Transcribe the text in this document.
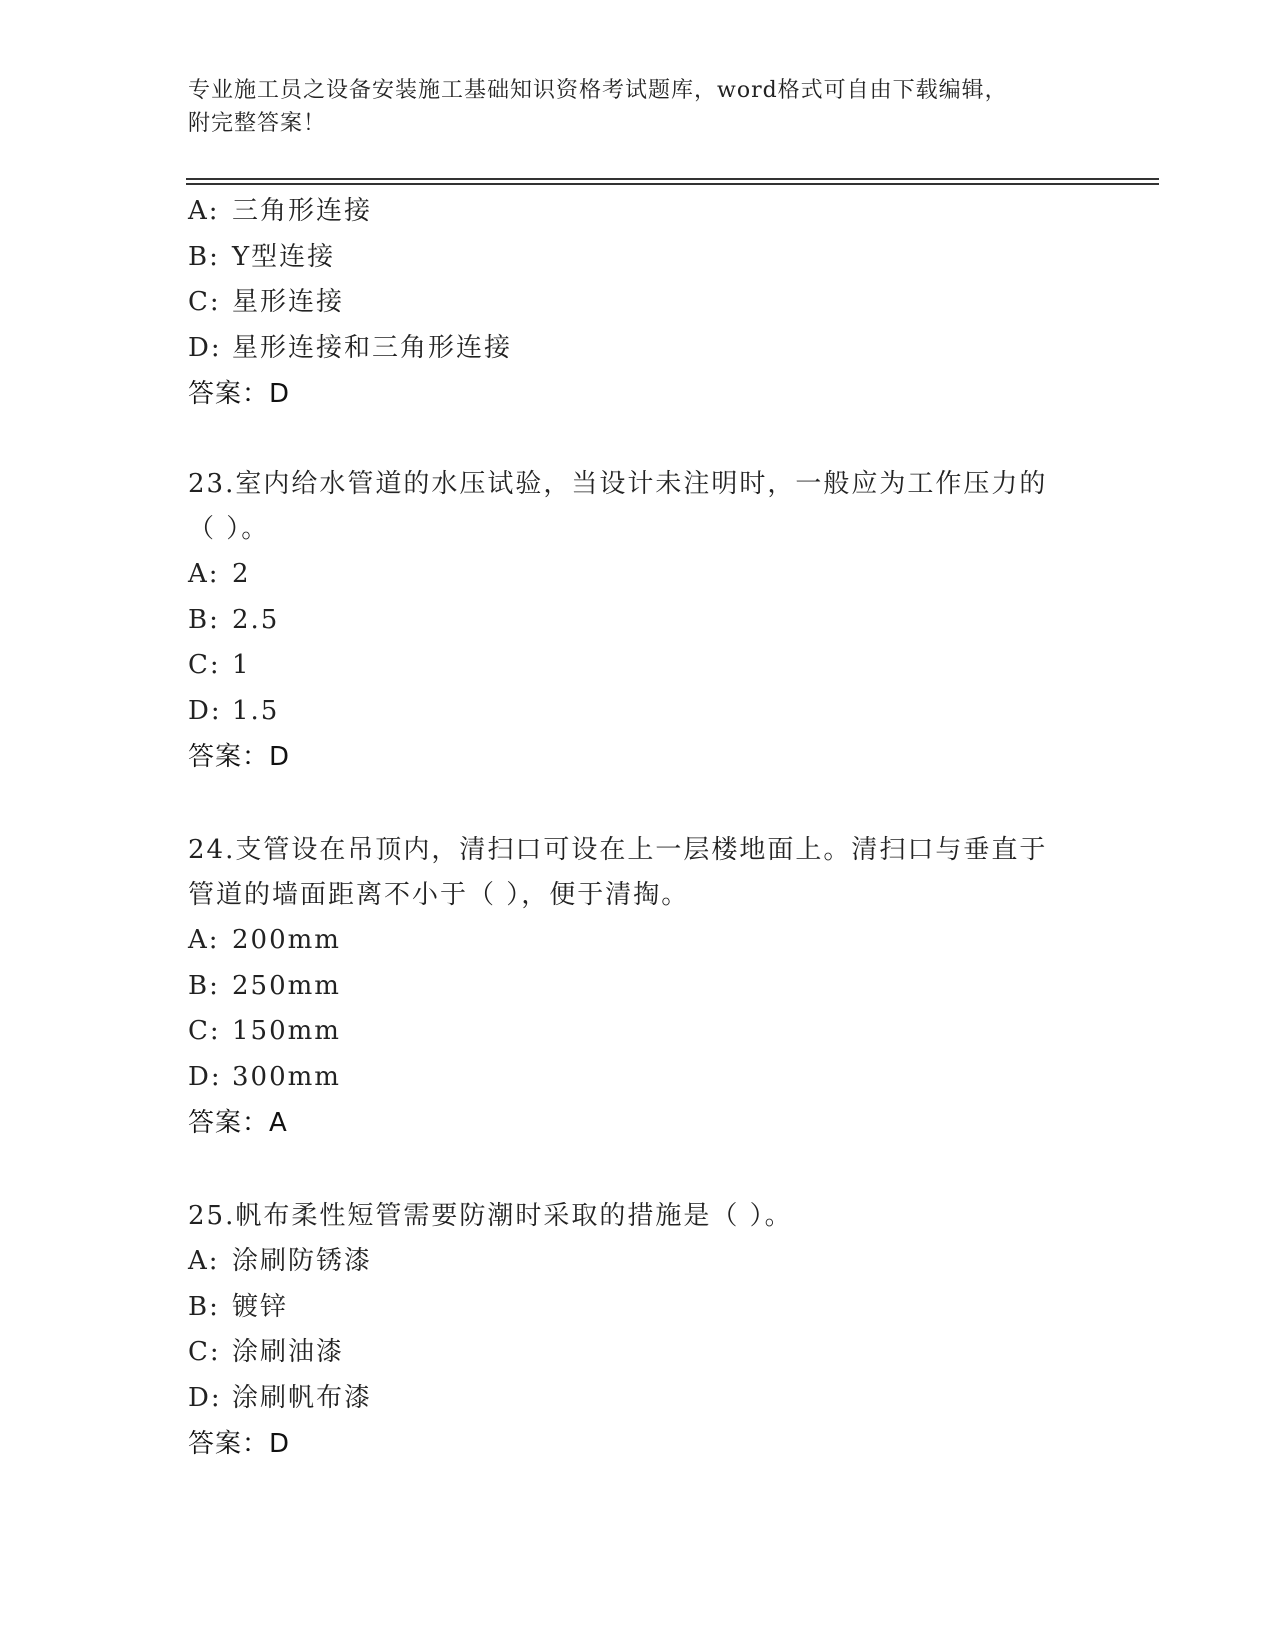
专业施工员之设备安装施工基础知识资格考试题库，word格式可自由下载编辑，
附完整答案！
A: 三角形连接
B: Y型连接
C: 星形连接
D: 星形连接和三角形连接
答案：D
23.室内给水管道的水压试验，当设计未注明时，一般应为工作压力的
（ ）。
A: 2
B: 2.5
C: 1
D: 1.5
答案：D
24.支管设在吊顶内，清扫口可设在上一层楼地面上。清扫口与垂直于
管道的墙面距离不小于（ ），便于清掏。
A: 200mm
B: 250mm
C: 150mm
D: 300mm
答案：A
25.帆布柔性短管需要防潮时采取的措施是（ ）。
A: 涂刷防锈漆
B: 镀锌
C: 涂刷油漆
D: 涂刷帆布漆
答案：D
